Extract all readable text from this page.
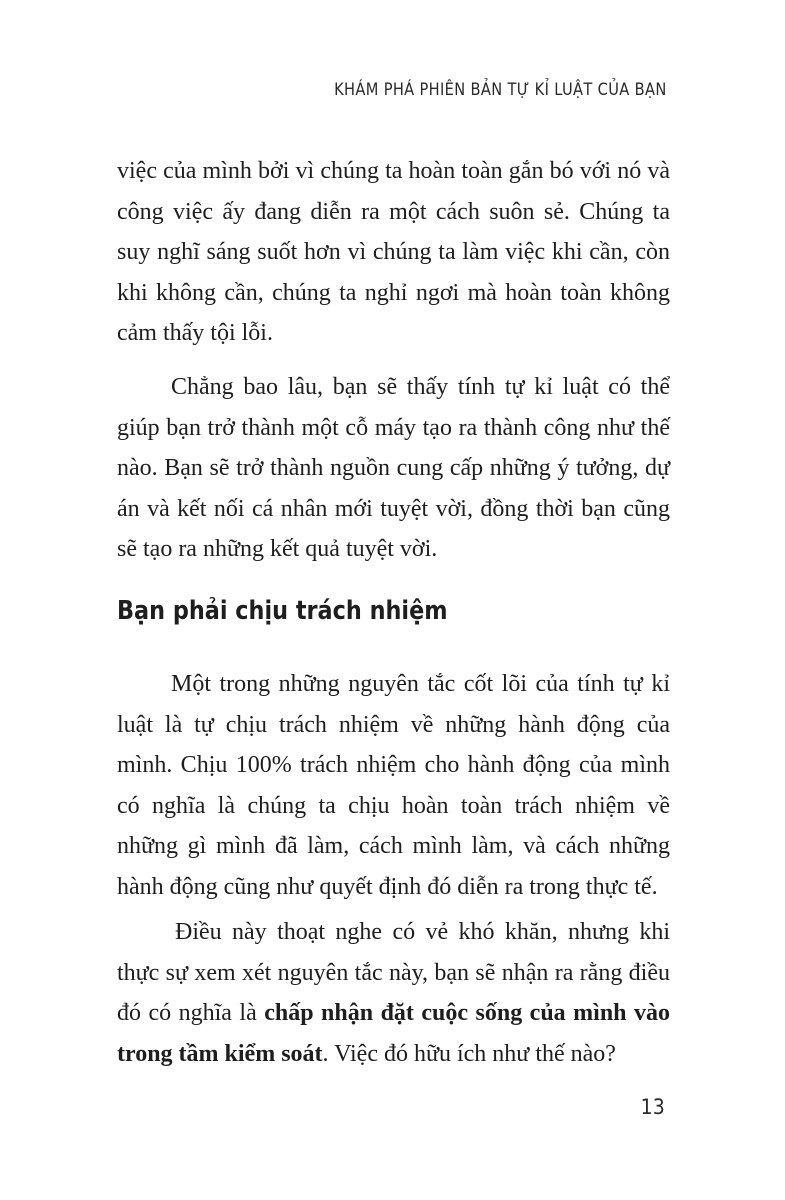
KHÁM PHÁ PHIÊN BẢN TỰ KỈ LUẬT CỦA BẠN

việc của mình bởi vì chúng ta hoàn toàn gắn bó với nó và công việc ấy đang diễn ra một cách suôn sẻ. Chúng ta suy nghĩ sáng suốt hơn vì chúng ta làm việc khi cần, còn khi không cần, chúng ta nghỉ ngơi mà hoàn toàn không cảm thấy tội lỗi.

Chẳng bao lâu, bạn sẽ thấy tính tự kỉ luật có thể giúp bạn trở thành một cỗ máy tạo ra thành công như thế nào. Bạn sẽ trở thành nguồn cung cấp những ý tưởng, dự án và kết nối cá nhân mới tuyệt vời, đồng thời bạn cũng sẽ tạo ra những kết quả tuyệt vời.

Bạn phải chịu trách nhiệm

Một trong những nguyên tắc cốt lõi của tính tự kỉ luật là tự chịu trách nhiệm về những hành động của mình. Chịu 100% trách nhiệm cho hành động của mình có nghĩa là chúng ta chịu hoàn toàn trách nhiệm về những gì mình đã làm, cách mình làm, và cách những hành động cũng như quyết định đó diễn ra trong thực tế.

Điều này thoạt nghe có vẻ khó khăn, nhưng khi thực sự xem xét nguyên tắc này, bạn sẽ nhận ra rằng điều đó có nghĩa là chấp nhận đặt cuộc sống của mình vào trong tầm kiểm soát. Việc đó hữu ích như thế nào?

13
